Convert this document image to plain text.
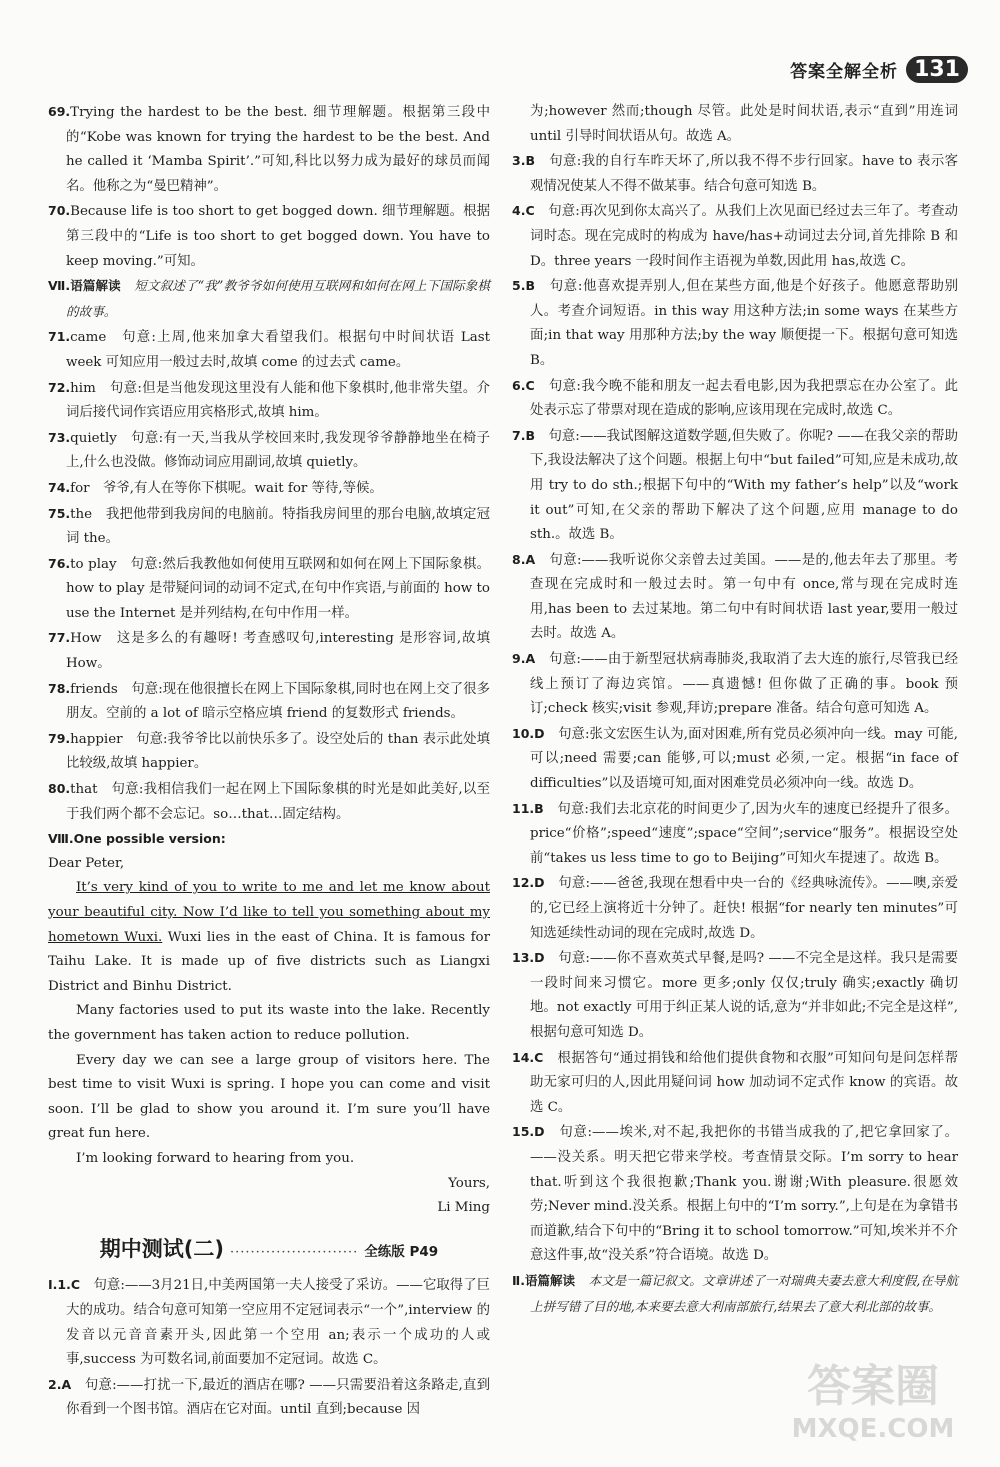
答案全解全析 131

69.Trying the hardest to be the best. 细节理解题。根据第三段中的“Kobe was known for trying the hardest to be the best. And he called it ‘Mamba Spirit’.”可知,科比以努力成为最好的球员而闻名。他称之为“曼巴精神”。

70.Because life is too short to get bogged down. 细节理解题。根据第三段中的“Life is too short to get bogged down. You have to keep moving.”可知。

Ⅶ.语篇解读　 短文叙述了“我”教爷爷如何使用互联网和如何在网上下国际象棋的故事。

71.came　句意:上周,他来加拿大看望我们。根据句中时间状语 Last week 可知应用一般过去时,故填 come 的过去式 came。

72.him　句意:但是当他发现这里没有人能和他下象棋时,他非常失望。介词后接代词作宾语应用宾格形式,故填 him。

73.quietly　句意:有一天,当我从学校回来时,我发现爷爷静静地坐在椅子上,什么也没做。修饰动词应用副词,故填 quietly。

74.for　爷爷,有人在等你下棋呢。wait for 等待,等候。

75.the　我把他带到我房间的电脑前。特指我房间里的那台电脑,故填定冠词 the。

76.to play　句意:然后我教他如何使用互联网和如何在网上下国际象棋。how to play 是带疑问词的动词不定式,在句中作宾语,与前面的 how to use the Internet 是并列结构,在句中作用一样。

77.How　这是多么的有趣呀! 考查感叹句,interesting 是形容词,故填 How。

78.friends　句意:现在他很擅长在网上下国际象棋,同时也在网上交了很多朋友。空前的 a lot of 暗示空格应填 friend 的复数形式 friends。

79.happier　句意:我爷爷比以前快乐多了。设空处后的 than 表示此处填比较级,故填 happier。

80.that　句意:我相信我们一起在网上下国际象棋的时光是如此美好,以至于我们两个都不会忘记。so…that…固定结构。

Ⅷ.One possible version:

Dear Peter,

It’s very kind of you to write to me and let me know about your beautiful city. Now I’d like to tell you something about my hometown Wuxi. Wuxi lies in the east of China. It is famous for Taihu Lake. It is made up of five districts such as Liangxi District and Binhu District.

Many factories used to put its waste into the lake. Recently the government has taken action to reduce pollution.

Every day we can see a large group of visitors here. The best time to visit Wuxi is spring. I hope you can come and visit soon. I’ll be glad to show you around it. I’m sure you’ll have great fun here.

I’m looking forward to hearing from you.

Yours,

Li Ming

期中测试(二) ························· 全练版 P49

Ⅰ.1.C　 句意:——3月21日,中美两国第一夫人接受了采访。——它取得了巨大的成功。结合句意可知第一空应用不定冠词表示“一个”,interview 的发音以元音音素开头,因此第一个空用 an;表示一个成功的人或事,success 为可数名词,前面要加不定冠词。故选 C。

2.A　 句意:——打扰一下,最近的酒店在哪? ——只需要沿着这条路走,直到你看到一个图书馆。酒店在它对面。until 直到;because 因

为;however 然而;though 尽管。此处是时间状语,表示“直到”用连词 until 引导时间状语从句。故选 A。

3.B　 句意:我的自行车昨天坏了,所以我不得不步行回家。have to 表示客观情况使某人不得不做某事。结合句意可知选 B。

4.C　 句意:再次见到你太高兴了。从我们上次见面已经过去三年了。考查动词时态。现在完成时的构成为 have/has+动词过去分词,首先排除 B 和 D。three years 一段时间作主语视为单数,因此用 has,故选 C。

5.B　 句意:他喜欢提弄别人,但在某些方面,他是个好孩子。他愿意帮助别人。考查介词短语。in this way 用这种方法;in some ways 在某些方面;in that way 用那种方法;by the way 顺便提一下。根据句意可知选 B。

6.C　 句意:我今晚不能和朋友一起去看电影,因为我把票忘在办公室了。此处表示忘了带票对现在造成的影响,应该用现在完成时,故选 C。

7.B　 句意:——我试图解这道数学题,但失败了。你呢? ——在我父亲的帮助下,我设法解决了这个问题。根据上句中“but failed”可知,应是未成功,故用 try to do sth.;根据下句中的“With my father’s help”以及“work it out”可知,在父亲的帮助下解决了这个问题,应用 manage to do sth.。故选 B。

8.A　 句意:——我听说你父亲曾去过美国。——是的,他去年去了那里。考查现在完成时和一般过去时。第一句中有 once,常与现在完成时连用,has been to 去过某地。第二句中有时间状语 last year,要用一般过去时。故选 A。

9.A　 句意:——由于新型冠状病毒肺炎,我取消了去大连的旅行,尽管我已经线上预订了海边宾馆。——真遗憾! 但你做了正确的事。book 预订;check 核实;visit 参观,拜访;prepare 准备。结合句意可知选 A。

10.D　 句意:张文宏医生认为,面对困难,所有党员必须冲向一线。may 可能,可以;need 需要;can 能够,可以;must 必须,一定。根据“in face of difficulties”以及语境可知,面对困难党员必须冲向一线。故选 D。

11.B　 句意:我们去北京花的时间更少了,因为火车的速度已经提升了很多。price“价格”;speed“速度”;space“空间”;service“服务”。根据设空处前“takes us less time to go to Beijing”可知火车提速了。故选 B。

12.D　 句意:——爸爸,我现在想看中央一台的《经典咏流传》。——噢,亲爱的,它已经上演将近十分钟了。赶快! 根据“for nearly ten minutes”可知选延续性动词的现在完成时,故选 D。

13.D　 句意:——你不喜欢英式早餐,是吗? ——不完全是这样。我只是需要一段时间来习惯它。more 更多;only 仅仅;truly 确实;exactly 确切地。not exactly 可用于纠正某人说的话,意为“并非如此;不完全是这样”,根据句意可知选 D。

14.C　 根据答句“通过捐钱和给他们提供食物和衣服”可知问句是问怎样帮助无家可归的人,因此用疑问词 how 加动词不定式作 know 的宾语。故选 C。

15.D　 句意:——埃米,对不起,我把你的书错当成我的了,把它拿回家了。——没关系。明天把它带来学校。考查情景交际。I’m sorry to hear that.听到这个我很抱歉;Thank you.谢谢;With pleasure.很愿效劳;Never mind.没关系。根据上句中的“I’m sorry.”,上句是在为拿错书而道歉,结合下句中的“Bring it to school tomorrow.”可知,埃米并不介意这件事,故“没关系”符合语境。故选 D。

Ⅱ.语篇解读　 本文是一篇记叙文。文章讲述了一对瑞典夫妻去意大利度假,在导航上拼写错了目的地,本来要去意大利南部旅行,结果去了意大利北部的故事。

答案圈
MXQE.COM
